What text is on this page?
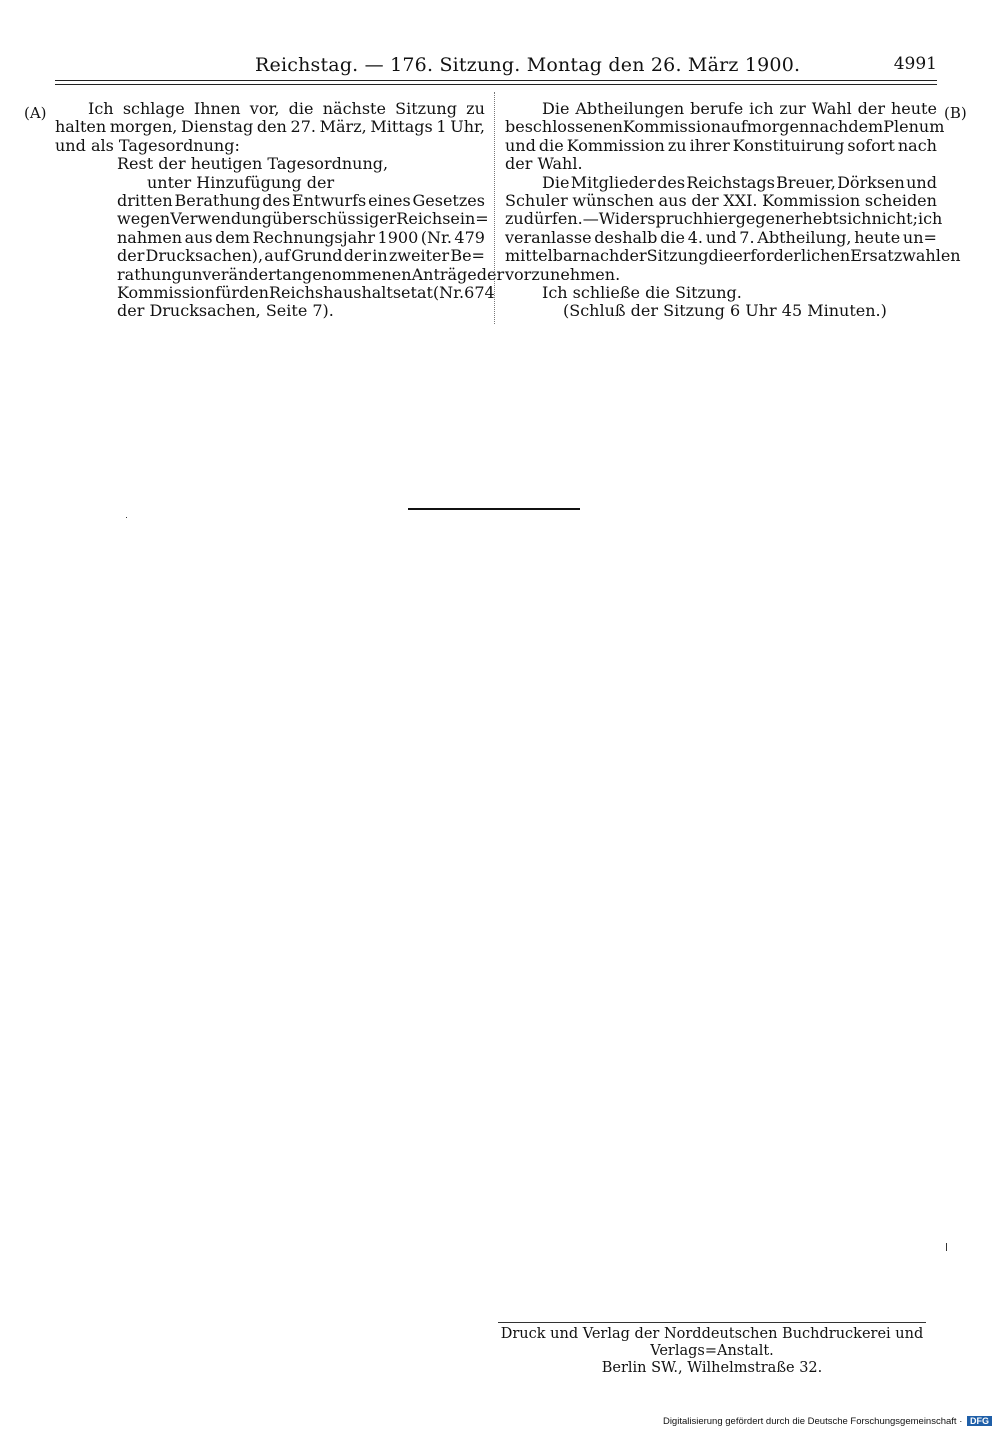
Reichstag. — 176. Sitzung. Montag den 26. März 1900.	4991
(A)	(B)
Ich schlage Ihnen vor, die nächste Sitzung zu
halten morgen, Dienstag den 27. März, Mittags 1 Uhr,
und als Tagesordnung:
Rest der heutigen Tagesordnung,
unter Hinzufügung der
dritten Berathung des Entwurfs eines Gesetzes
wegen Verwendung überschüssiger Reichsein=
nahmen aus dem Rechnungsjahr 1900 (Nr. 479
der Drucksachen), auf Grund der in zweiter Be=
rathung unverändert angenommenen Anträge der
Kommission für den Reichshaushaltsetat (Nr. 674
der Drucksachen, Seite 7).
Die Abtheilungen berufe ich zur Wahl der heute
beschlossenen Kommission auf morgen nach dem Plenum
und die Kommission zu ihrer Konstituirung sofort nach
der Wahl.
Die Mitglieder des Reichstags Breuer, Dörksen und
Schuler wünschen aus der XXI. Kommission scheiden
zu dürfen. — Widerspruch hiergegen erhebt sich nicht; ich
veranlasse deshalb die 4. und 7. Abtheilung, heute un=
mittelbar nach der Sitzung die erforderlichen Ersatzwahlen
vorzunehmen.
Ich schließe die Sitzung.
(Schluß der Sitzung 6 Uhr 45 Minuten.)
Druck und Verlag der Norddeutschen Buchdruckerei und Verlags=Anstalt.
Berlin SW., Wilhelmstraße 32.
Digitalisierung gefördert durch die Deutsche Forschungsgemeinschaft · DFG
